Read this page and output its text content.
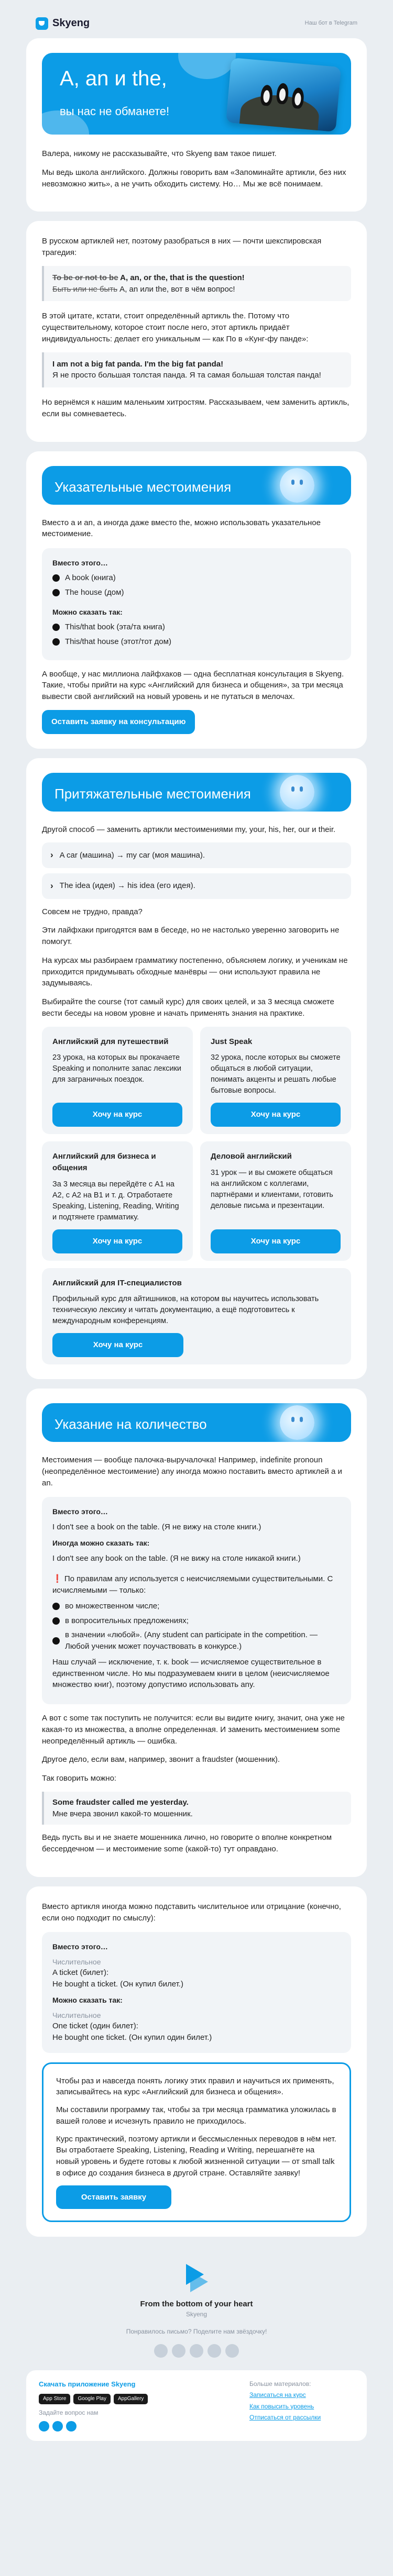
Skyeng	Наш бот в Telegram
A, an и the,

вы нас не обманете!

Валера, никому не рассказывайте, что Skyeng вам такое пишет.

Мы ведь школа английского. Должны говорить вам «Запоминайте артикли, без них невозможно жить», а не учить обходить систему. Но… Мы же всё понимаем.

В русском артиклей нет, поэтому разобраться в них — почти шекспировская трагедия:

To be or not to be A, an, or the, that is the question!
Быть или не быть А, an или the, вот в чём вопрос!

В этой цитате, кстати, стоит определённый артикль the. Потому что существительному, которое стоит после него, этот артикль придаёт индивидуальность: делает его уникальным — как По в «Кунг-фу панде»:

I am not a big fat panda. I'm the big fat panda!
Я не просто большая толстая панда. Я та самая большая толстая панда!

Но вернёмся к нашим маленьким хитростям. Рассказываем, чем заменить артикль, если вы сомневаетесь.

Указательные местоимения

Вместо a и an, а иногда даже вместо the, можно использовать указательное местоимение.

Вместо этого…
A book (книга)
The house (дом)
Можно сказать так:
This/that book (эта/та книга)
This/that house (этот/тот дом)

А вообще, у нас миллиона лайфхаков — одна бесплатная консультация в Skyeng. Такие, чтобы прийти на курс «Английский для бизнеса и общения», за три месяца вывести свой английский на новый уровень и не путаться в мелочах.

Оставить заявку на консультацию
Притяжательные местоимения

Другой способ — заменить артикли местоимениями my, your, his, her, our и their.

› A car (машина) → my car (моя машина).
› The idea (идея) → his idea (его идея).

Совсем не трудно, правда?

Эти лайфхаки пригодятся вам в беседе, но не настолько уверенно заговорить не помогут.

На курсах мы разбираем грамматику постепенно, объясняем логику, и ученикам не приходится придумывать обходные манёвры — они используют правила не задумываясь.

Выбирайте the course (тот самый курс) для своих целей, и за 3 месяца сможете вести беседы на новом уровне и начать применять знания на практике.

Английский для путешествий

23 урока, на которых вы прокачаете Speaking и пополните запас лексики для заграничных поездок.

Хочу на курс
Just Speak

32 урока, после которых вы сможете общаться в любой ситуации, понимать акценты и решать любые бытовые вопросы.

Хочу на курс
Английский для бизнеса и общения

За 3 месяца вы перейдёте с A1 на A2, с A2 на B1 и т. д. Отработаете Speaking, Listening, Reading, Writing и подтянете грамматику.

Хочу на курс
Деловой английский

31 урок — и вы сможете общаться на английском с коллегами, партнёрами и клиентами, готовить деловые письма и презентации.

Хочу на курс
Английский для IT-специалистов

Профильный курс для айтишников, на котором вы научитесь использовать техническую лексику и читать документацию, а ещё подготовитесь к международным конференциям.

Хочу на курс
Указание на количество

Местоимения — вообще палочка-выручалочка! Например, indefinite pronoun (неопределённое местоимение) any иногда можно поставить вместо артиклей a и an.

Вместо этого…

I don't see a book on the table. (Я не вижу на столе книги.)

Иногда можно сказать так:

I don't see any book on the table. (Я не вижу на столе никакой книги.)

❗ По правилам any используется с неисчисляемыми существительными. С исчисляемыми — только:

во множественном числе;
в вопросительных предложениях;
в значении «любой». (Any student can participate in the competition. — Любой ученик может поучаствовать в конкурсе.)

Наш случай — исключение, т. к. book — исчисляемое существительное в единственном числе. Но мы подразумеваем книги в целом (неисчисляемое множество книг), поэтому допустимо использовать any.

А вот с some так поступить не получится: если вы видите книгу, значит, она уже не какая-то из множества, а вполне определенная. И заменить местоимением some неопределённый артикль — ошибка.

Другое дело, если вам, например, звонит a fraudster (мошенник).

Так говорить можно:

Some fraudster called me yesterday.
Мне вчера звонил какой-то мошенник.

Ведь пусть вы и не знаете мошенника лично, но говорите о вполне конкретном бессердечном — и местоимение some (какой-то) тут оправдано.

Вместо артикля иногда можно подставить числительное или отрицание (конечно, если оно подходит по смыслу):

Вместо этого…

Числительное

A ticket (билет):

He bought a ticket. (Он купил билет.)

Можно сказать так:

Числительное

One ticket (один билет):

He bought one ticket. (Он купил один билет.)

Чтобы раз и навсегда понять логику этих правил и научиться их применять, записывайтесь на курс «Английский для бизнеса и общения».

Мы составили программу так, чтобы за три месяца грамматика уложилась в вашей голове и исчезнуть правило не приходилось.

Курс практический, поэтому артикли и бессмысленных переводов в нём нет. Вы отработаете Speaking, Listening, Reading и Writing, перешагнёте на новый уровень и будете готовы к любой жизненной ситуации — от small talk в офисе до создания бизнеса в другой стране. Оставляйте заявку!

Оставить заявку
From the bottom of your heart
Skyeng
Понравилось письмо? Поделите нам звёздочку!
Скачать приложение Skyeng
App Store	Google Play	AppGallery
Задайте вопрос нам
Больше материалов:
Записаться на курс
Как повысить уровень
Отписаться от рассылки
